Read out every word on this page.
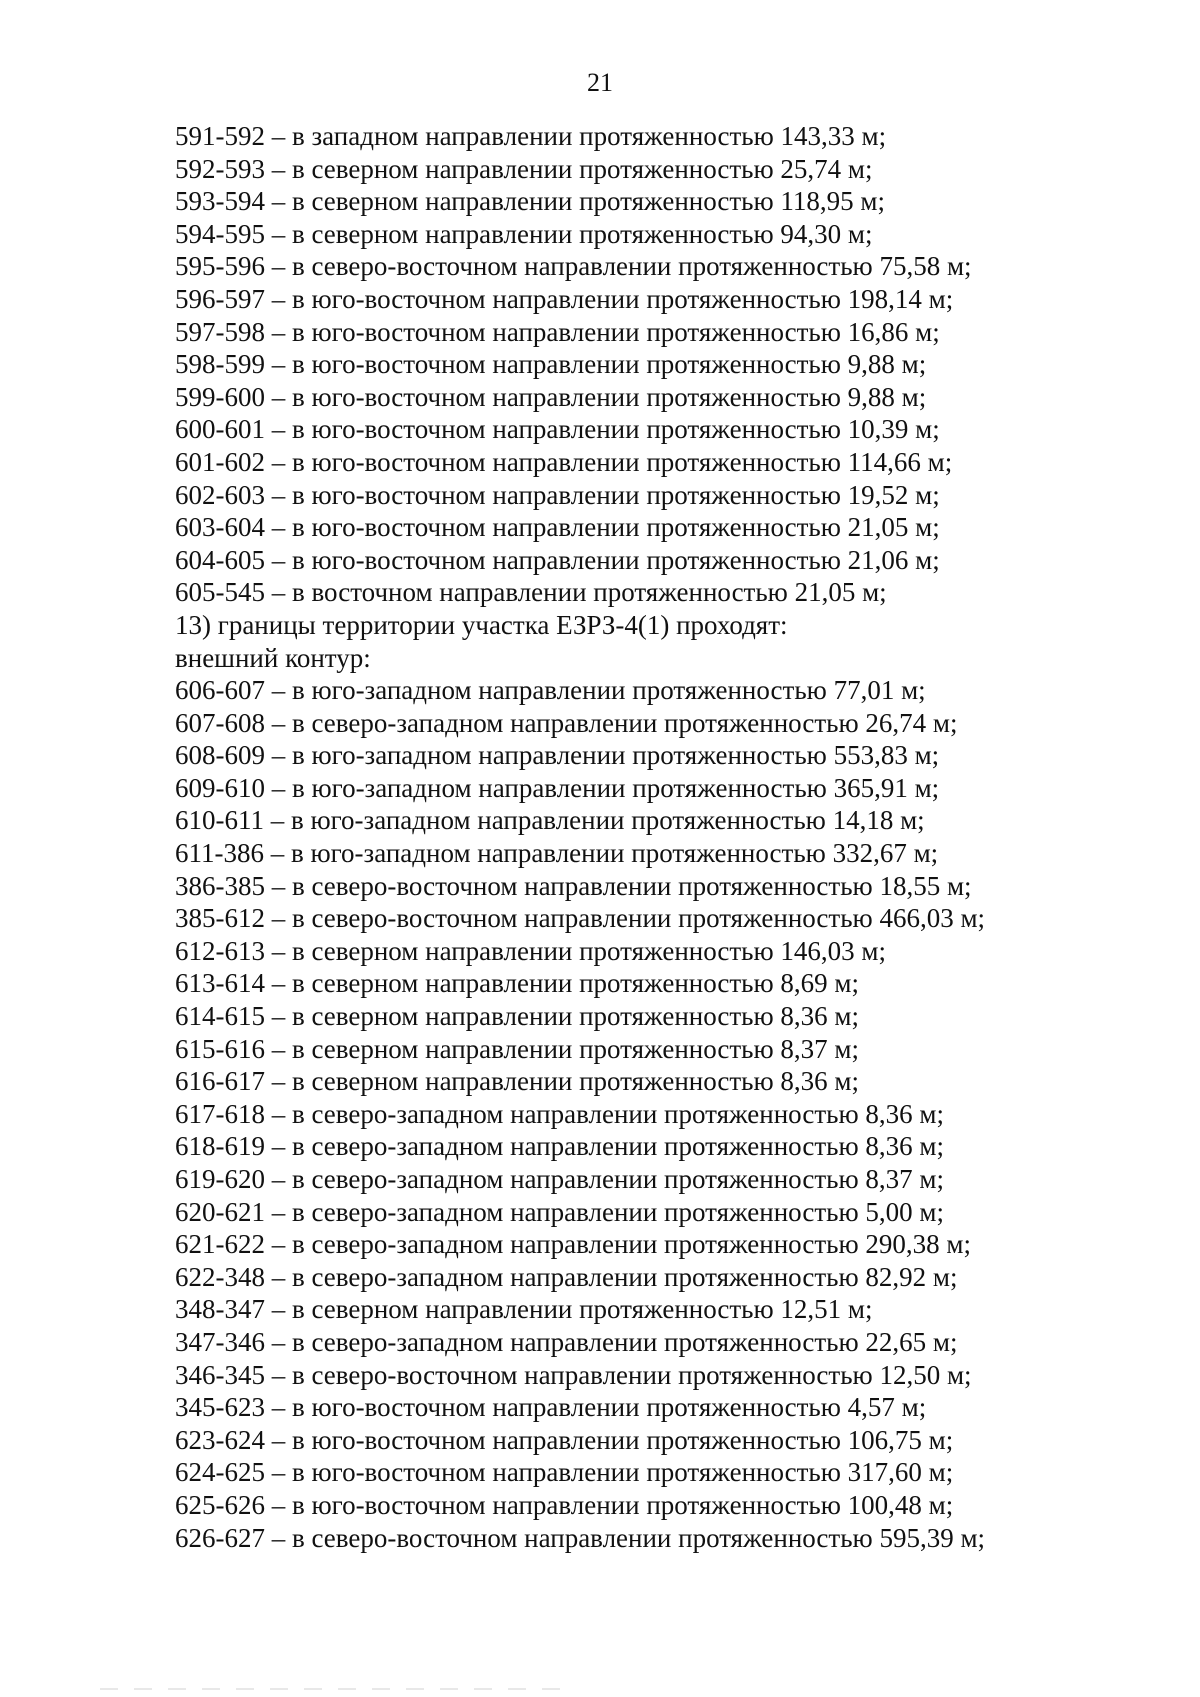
21
591-592 – в западном направлении протяженностью 143,33 м;
592-593 – в северном направлении протяженностью 25,74 м;
593-594 – в северном направлении протяженностью 118,95 м;
594-595 – в северном направлении протяженностью 94,30 м;
595-596 – в северо-восточном направлении протяженностью 75,58 м;
596-597 – в юго-восточном направлении протяженностью 198,14 м;
597-598 – в юго-восточном направлении протяженностью 16,86 м;
598-599 – в юго-восточном направлении протяженностью 9,88 м;
599-600 – в юго-восточном направлении протяженностью 9,88 м;
600-601 – в юго-восточном направлении протяженностью 10,39 м;
601-602 – в юго-восточном направлении протяженностью 114,66 м;
602-603 – в юго-восточном направлении протяженностью 19,52 м;
603-604 – в юго-восточном направлении протяженностью 21,05 м;
604-605 – в юго-восточном направлении протяженностью 21,06 м;
605-545 – в восточном направлении протяженностью 21,05 м;
13) границы территории участка ЕЗРЗ-4(1) проходят:
внешний контур:
606-607 – в юго-западном направлении протяженностью 77,01 м;
607-608 – в северо-западном направлении протяженностью 26,74 м;
608-609 – в юго-западном направлении протяженностью 553,83 м;
609-610 – в юго-западном направлении протяженностью 365,91 м;
610-611 – в юго-западном направлении протяженностью 14,18 м;
611-386 – в юго-западном направлении протяженностью 332,67 м;
386-385 – в северо-восточном направлении протяженностью 18,55 м;
385-612 – в северо-восточном направлении протяженностью 466,03 м;
612-613 – в северном направлении протяженностью 146,03 м;
613-614 – в северном направлении протяженностью 8,69 м;
614-615 – в северном направлении протяженностью 8,36 м;
615-616 – в северном направлении протяженностью 8,37 м;
616-617 – в северном направлении протяженностью 8,36 м;
617-618 – в северо-западном направлении протяженностью 8,36 м;
618-619 – в северо-западном направлении протяженностью 8,36 м;
619-620 – в северо-западном направлении протяженностью 8,37 м;
620-621 – в северо-западном направлении протяженностью 5,00 м;
621-622 – в северо-западном направлении протяженностью 290,38 м;
622-348 – в северо-западном направлении протяженностью 82,92 м;
348-347 – в северном направлении протяженностью 12,51 м;
347-346 – в северо-западном направлении протяженностью 22,65 м;
346-345 – в северо-восточном направлении протяженностью 12,50 м;
345-623 – в юго-восточном направлении протяженностью 4,57 м;
623-624 – в юго-восточном направлении протяженностью 106,75 м;
624-625 – в юго-восточном направлении протяженностью 317,60 м;
625-626 – в юго-восточном направлении протяженностью 100,48 м;
626-627 – в северо-восточном направлении протяженностью 595,39 м;
